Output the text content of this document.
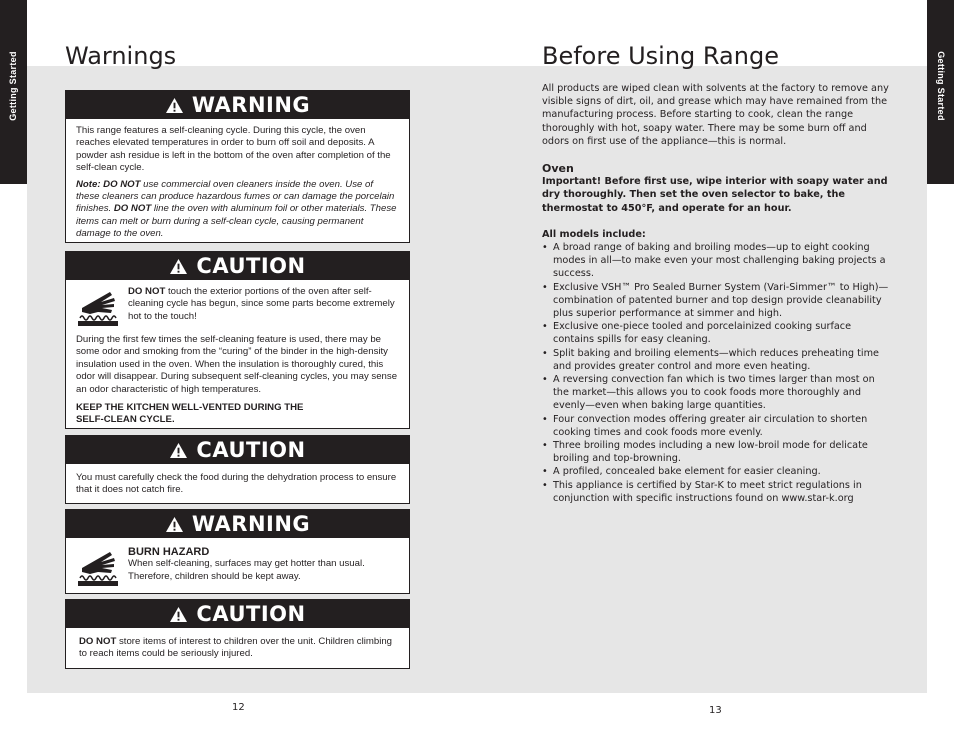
Getting Started	Getting Started
Warnings	Before Using Range
WARNING

This range features a self-cleaning cycle. During this cycle, the oven reaches elevated temperatures in order to burn off soil and deposits. A powder ash residue is left in the bottom of the oven after completion of the self-clean cycle.

Note: DO NOT use commercial oven cleaners inside the oven. Use of these cleaners can produce hazardous fumes or can damage the porcelain finishes. DO NOT line the oven with aluminum foil or other materials. These items can melt or burn during a self-clean cycle, causing permanent damage to the oven.

CAUTION

DO NOT touch the exterior portions of the oven after self-cleaning cycle has begun, since some parts become extremely hot to the touch!

During the first few times the self-cleaning feature is used, there may be some odor and smoking from the “curing” of the binder in the high-density insulation used in the oven. When the insulation is thoroughly cured, this odor will disappear. During subsequent self-cleaning cycles, you may sense an odor characteristic of high temperatures.

KEEP THE KITCHEN WELL-VENTED DURING THE SELF-CLEAN CYCLE.

CAUTION

You must carefully check the food during the dehydration process to ensure that it does not catch fire.

WARNING

BURN HAZARD

When self-cleaning, surfaces may get hotter than usual. Therefore, children should be kept away.

CAUTION

DO NOT store items of interest to children over the unit. Children climbing to reach items could be seriously injured.

All products are wiped clean with solvents at the factory to remove any visible signs of dirt, oil, and grease which may have remained from the manufacturing process. Before starting to cook, clean the range thoroughly with hot, soapy water. There may be some burn off and odors on first use of the appliance—this is normal.

Oven

Important! Before first use, wipe interior with soapy water and dry thoroughly. Then set the oven selector to bake, the thermostat to 450°F, and operate for an hour.

All models include:

• A broad range of baking and broiling modes—up to eight cooking modes in all—to make even your most challenging baking projects a success.
• Exclusive VSH™ Pro Sealed Burner System (Vari-Simmer™ to High)—combination of patented burner and top design provide cleanability plus superior performance at simmer and high.
• Exclusive one-piece tooled and porcelainized cooking surface contains spills for easy cleaning.
• Split baking and broiling elements—which reduces preheating time and provides greater control and more even heating.
• A reversing convection fan which is two times larger than most on the market—this allows you to cook foods more thoroughly and evenly—even when baking large quantities.
• Four convection modes offering greater air circulation to shorten cooking times and cook foods more evenly.
• Three broiling modes including a new low-broil mode for delicate broiling and top-browning.
• A profiled, concealed bake element for easier cleaning.
• This appliance is certified by Star-K to meet strict regulations in conjunction with specific instructions found on www.star-k.org
12	13
